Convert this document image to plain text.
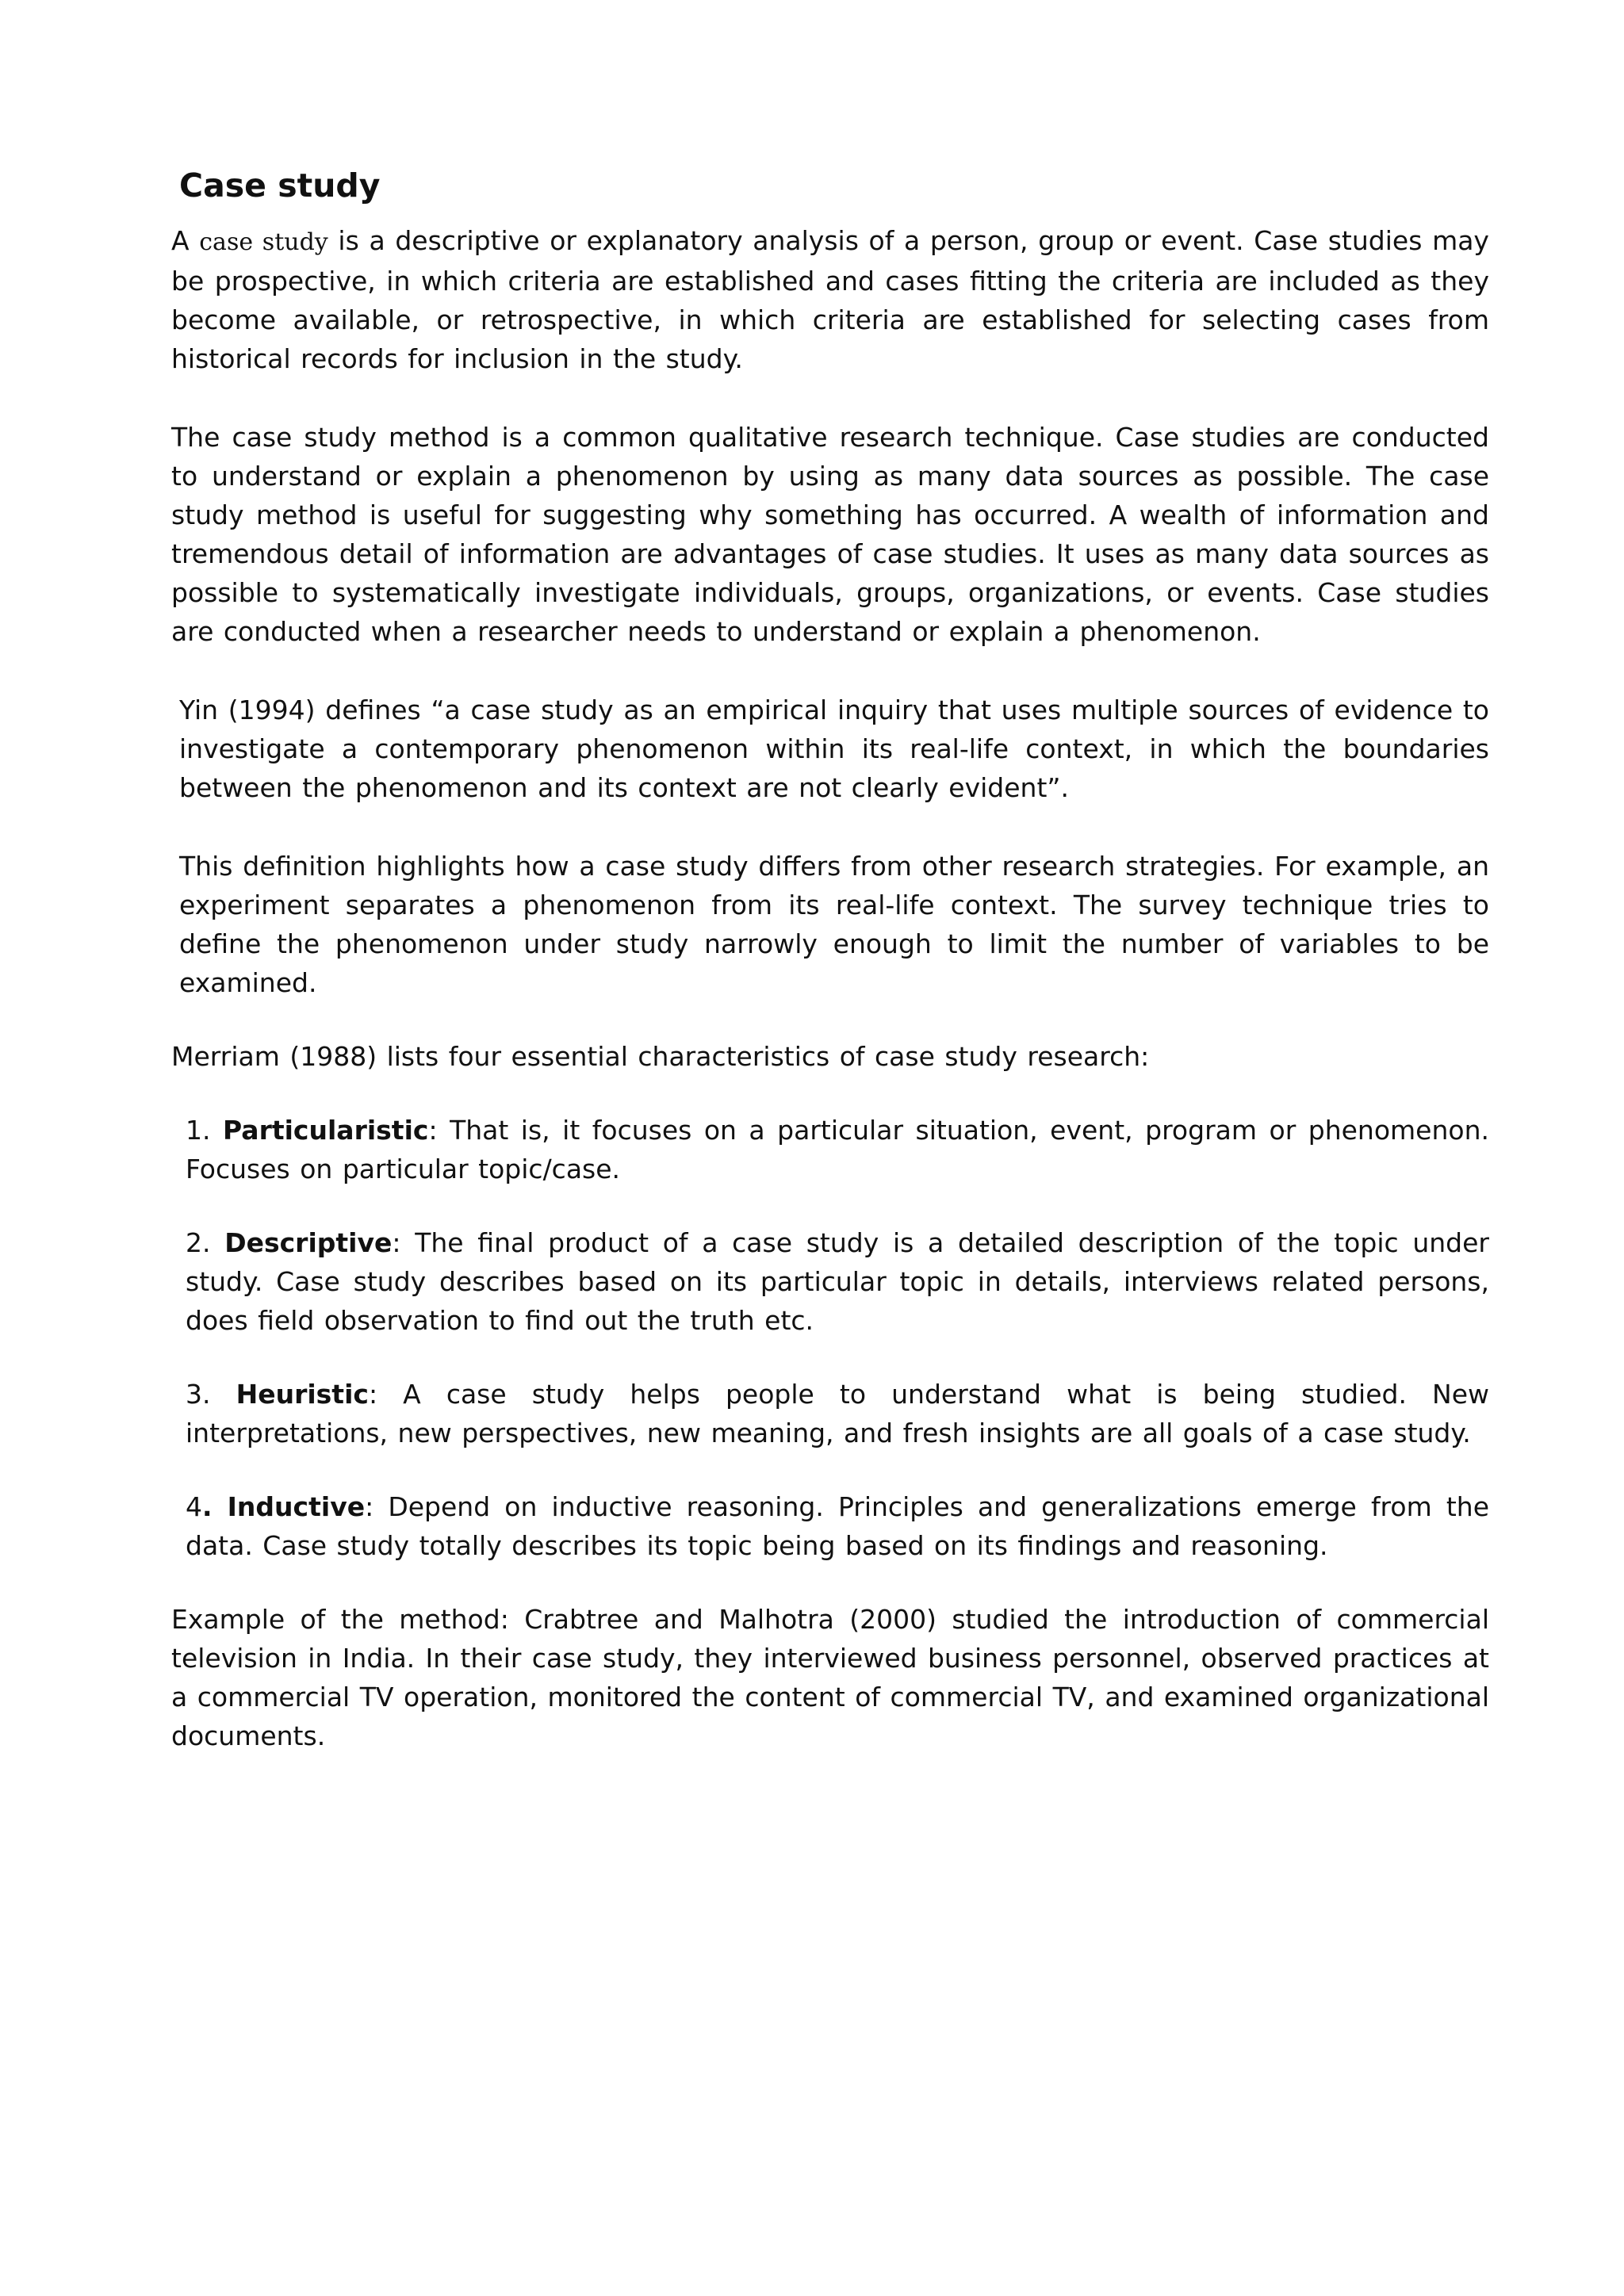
Case study

A case study is a descriptive or explanatory analysis of a person, group or event. Case studies may be prospective, in which criteria are established and cases fitting the criteria are included as they become available, or retrospective, in which criteria are established for selecting cases from historical records for inclusion in the study.

The case study method is a common qualitative research technique. Case studies are conducted to understand or explain a phenomenon by using as many data sources as possible. The case study method is useful for suggesting why something has occurred. A wealth of information and tremendous detail of information are advantages of case studies. It uses as many data sources as possible to systematically investigate individuals, groups, organizations, or events. Case studies are conducted when a researcher needs to understand or explain a phenomenon.

Yin (1994) defines “a case study as an empirical inquiry that uses multiple sources of evidence to investigate a contemporary phenomenon within its real-life context, in which the boundaries between the phenomenon and its context are not clearly evident”.

This definition highlights how a case study differs from other research strategies. For example, an experiment separates a phenomenon from its real-life context. The survey technique tries to define the phenomenon under study narrowly enough to limit the number of variables to be examined.

Merriam (1988) lists four essential characteristics of case study research:

1. Particularistic: That is, it focuses on a particular situation, event, program or phenomenon. Focuses on particular topic/case.

2. Descriptive: The final product of a case study is a detailed description of the topic under study. Case study describes based on its particular topic in details, interviews related persons, does field observation to find out the truth etc.

3. Heuristic: A case study helps people to understand what is being studied. New interpretations, new perspectives, new meaning, and fresh insights are all goals of a case study.

4. Inductive: Depend on inductive reasoning. Principles and generalizations emerge from the data. Case study totally describes its topic being based on its findings and reasoning.

Example of the method: Crabtree and Malhotra (2000) studied the introduction of commercial television in India. In their case study, they interviewed business personnel, observed practices at a commercial TV operation, monitored the content of commercial TV, and examined organizational documents.
